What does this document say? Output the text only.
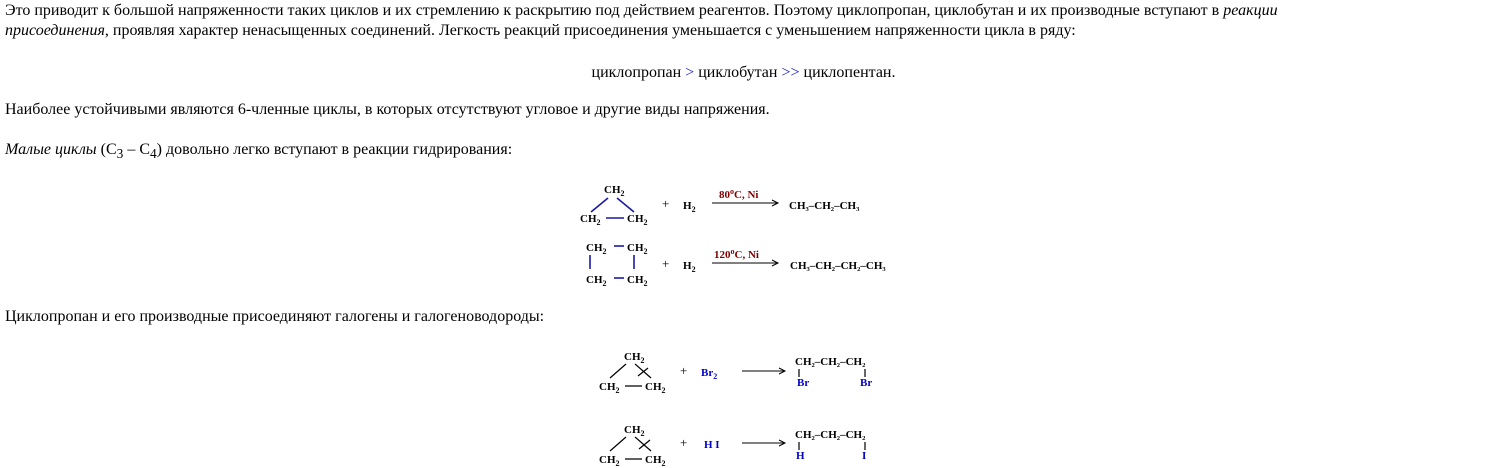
Это приводит к большой напряженности таких циклов и их стремлению к раскрытию под действием реагентов. Поэтому циклопропан, циклобутан и их производные вступают в реакции
присоединения, проявляя характер ненасыщенных соединений. Легкость реакций присоединения уменьшается с уменьшением напряженности цикла в ряду:
циклопропан > циклобутан >> циклопентан.
Наиболее устойчивыми являются 6-членные циклы, в которых отсутствуют угловое и другие виды напряжения.
Малые циклы $(C_3 - C_4)$ довольно легко вступают в реакции гидрирования:
Циклопропан и его производные присоединяют галогены и галогеноводороды:
$CH_2$
$CH_2$ $CH_2$
+ $H_2$
80$^o$C, Ni
CH₃–CH₂–CH₃
$CH_2$ $CH_2$
$CH_2$ $CH_2$
+ $H_2$
120$^o$C, Ni
CH₃–CH₂–CH₂–CH₃
$CH_2$
$CH_2$ $CH_2$
+ $Br_2$
CH₂–CH₂–CH₂
Br	Br
$CH_2$
$CH_2$ $CH_2$
+ H I
CH₂–CH₂–CH₂
H	I
